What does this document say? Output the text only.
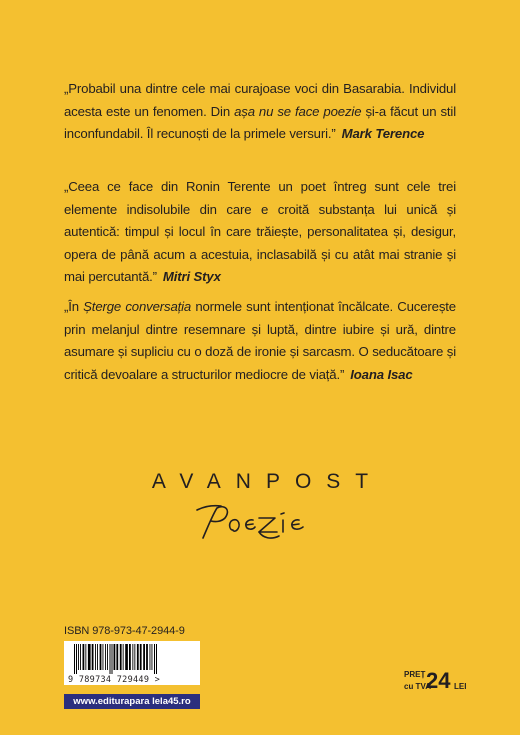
„Probabil una dintre cele mai curajoase voci din Basarabia. Individul acesta este un fenomen. Din așa nu se face poezie și-a făcut un stil inconfundabil. Îl recunoști de la primele versuri.” Mark Terence
„Ceea ce face din Ronin Terente un poet întreg sunt cele trei elemente indisolubile din care e croită substanța lui unică și autentică: timpul și locul în care trăiește, personalitatea și, desigur, opera de până acum a acestuia, inclasabilă și cu atât mai stranie și mai percutantă.” Mitri Styx
„În Șterge conversația normele sunt intenționat încălcate. Cucerește prin melanjul dintre resemnare și luptă, dintre iubire și ură, dintre asumare și supliciu cu o doză de ironie și sarcasm. O seducătoare și critică devoalare a structurilor mediocre de viață.” Ioana Isac
AVANPOST
ISBN 978-973-47-2944-9
9 789734 729449 >
www.editurapara lela45.ro
PREȚ
cu TVA
24 LEI
